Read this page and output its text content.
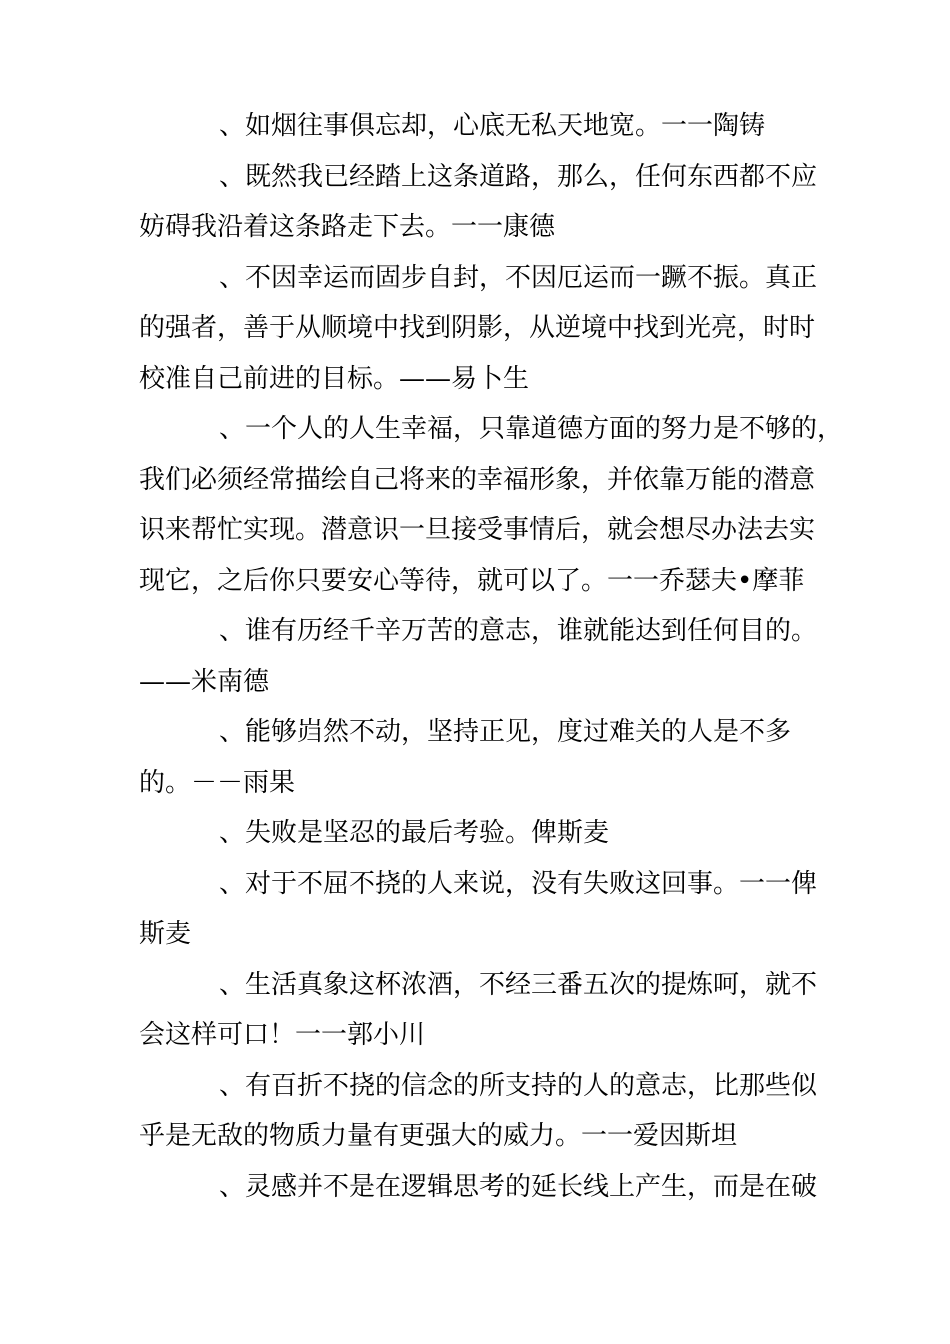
、如烟往事俱忘却，心底无私天地宽。一一陶铸
、既然我已经踏上这条道路，那么，任何东西都不应
妨碍我沿着这条路走下去。一一康德
、不因幸运而固步自封，不因厄运而一蹶不振。真正
的强者，善于从顺境中找到阴影，从逆境中找到光亮，时时
校准自己前进的目标。——易卜生
、一个人的人生幸福，只靠道德方面的努力是不够的，
我们必须经常描绘自己将来的幸福形象，并依靠万能的潜意
识来帮忙实现。潜意识一旦接受事情后，就会想尽办法去实
现它，之后你只要安心等待，就可以了。一一乔瑟夫•摩菲
、谁有历经千辛万苦的意志，谁就能达到任何目的。
——米南德
、能够岿然不动，坚持正见，度过难关的人是不多
的。－－雨果
、失败是坚忍的最后考验。俾斯麦
、对于不屈不挠的人来说，没有失败这回事。一一俾
斯麦
、生活真象这杯浓酒，不经三番五次的提炼呵，就不
会这样可口！一一郭小川
、有百折不挠的信念的所支持的人的意志，比那些似
乎是无敌的物质力量有更强大的威力。一一爱因斯坦
、灵感并不是在逻辑思考的延长线上产生，而是在破
